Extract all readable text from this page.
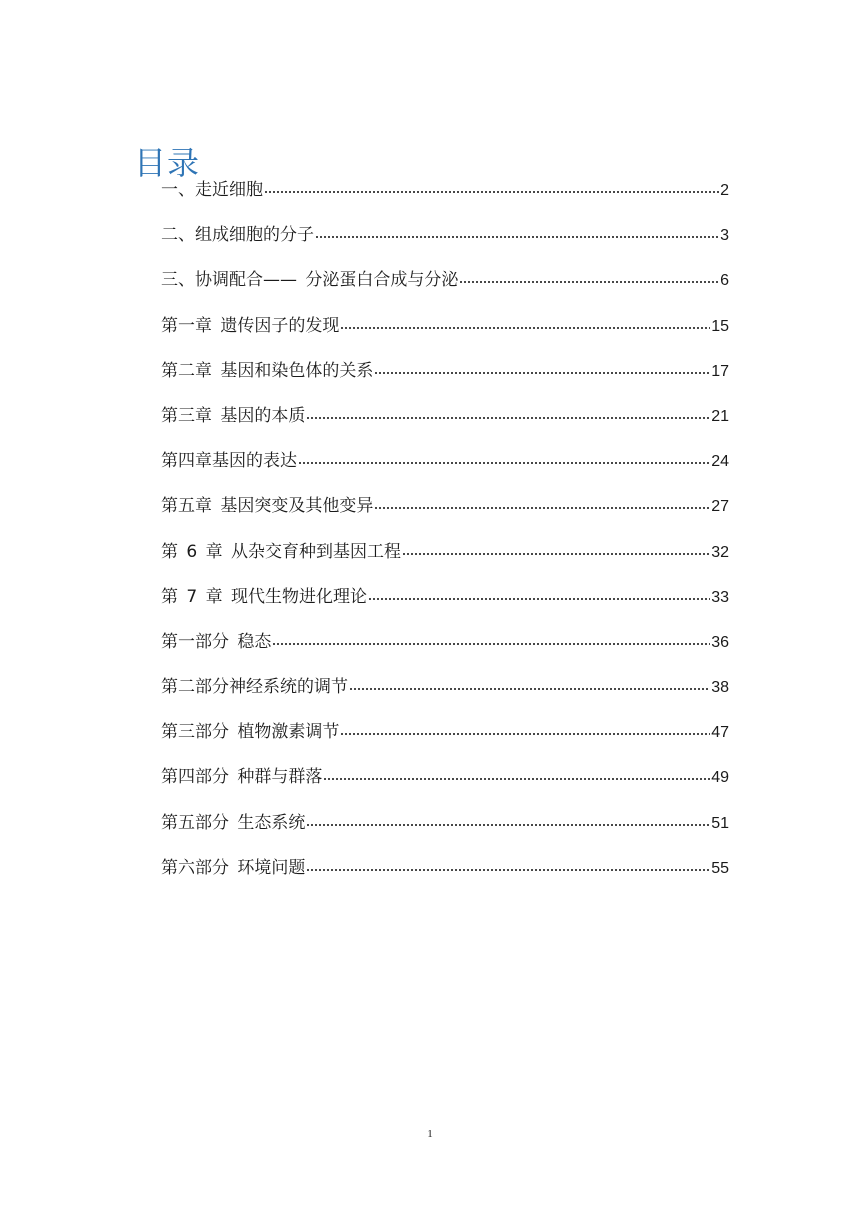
目录
一、走近细胞	2
二、组成细胞的分子	3
三、协调配合—— 分泌蛋白合成与分泌	6
第一章 遗传因子的发现	15
第二章 基因和染色体的关系	17
第三章 基因的本质	21
第四章基因的表达	24
第五章 基因突变及其他变异	27
第 6 章 从杂交育种到基因工程	32
第 7 章 现代生物进化理论	33
第一部分 稳态	36
第二部分神经系统的调节	38
第三部分 植物激素调节	47
第四部分 种群与群落	49
第五部分 生态系统	51
第六部分 环境问题	55
1
